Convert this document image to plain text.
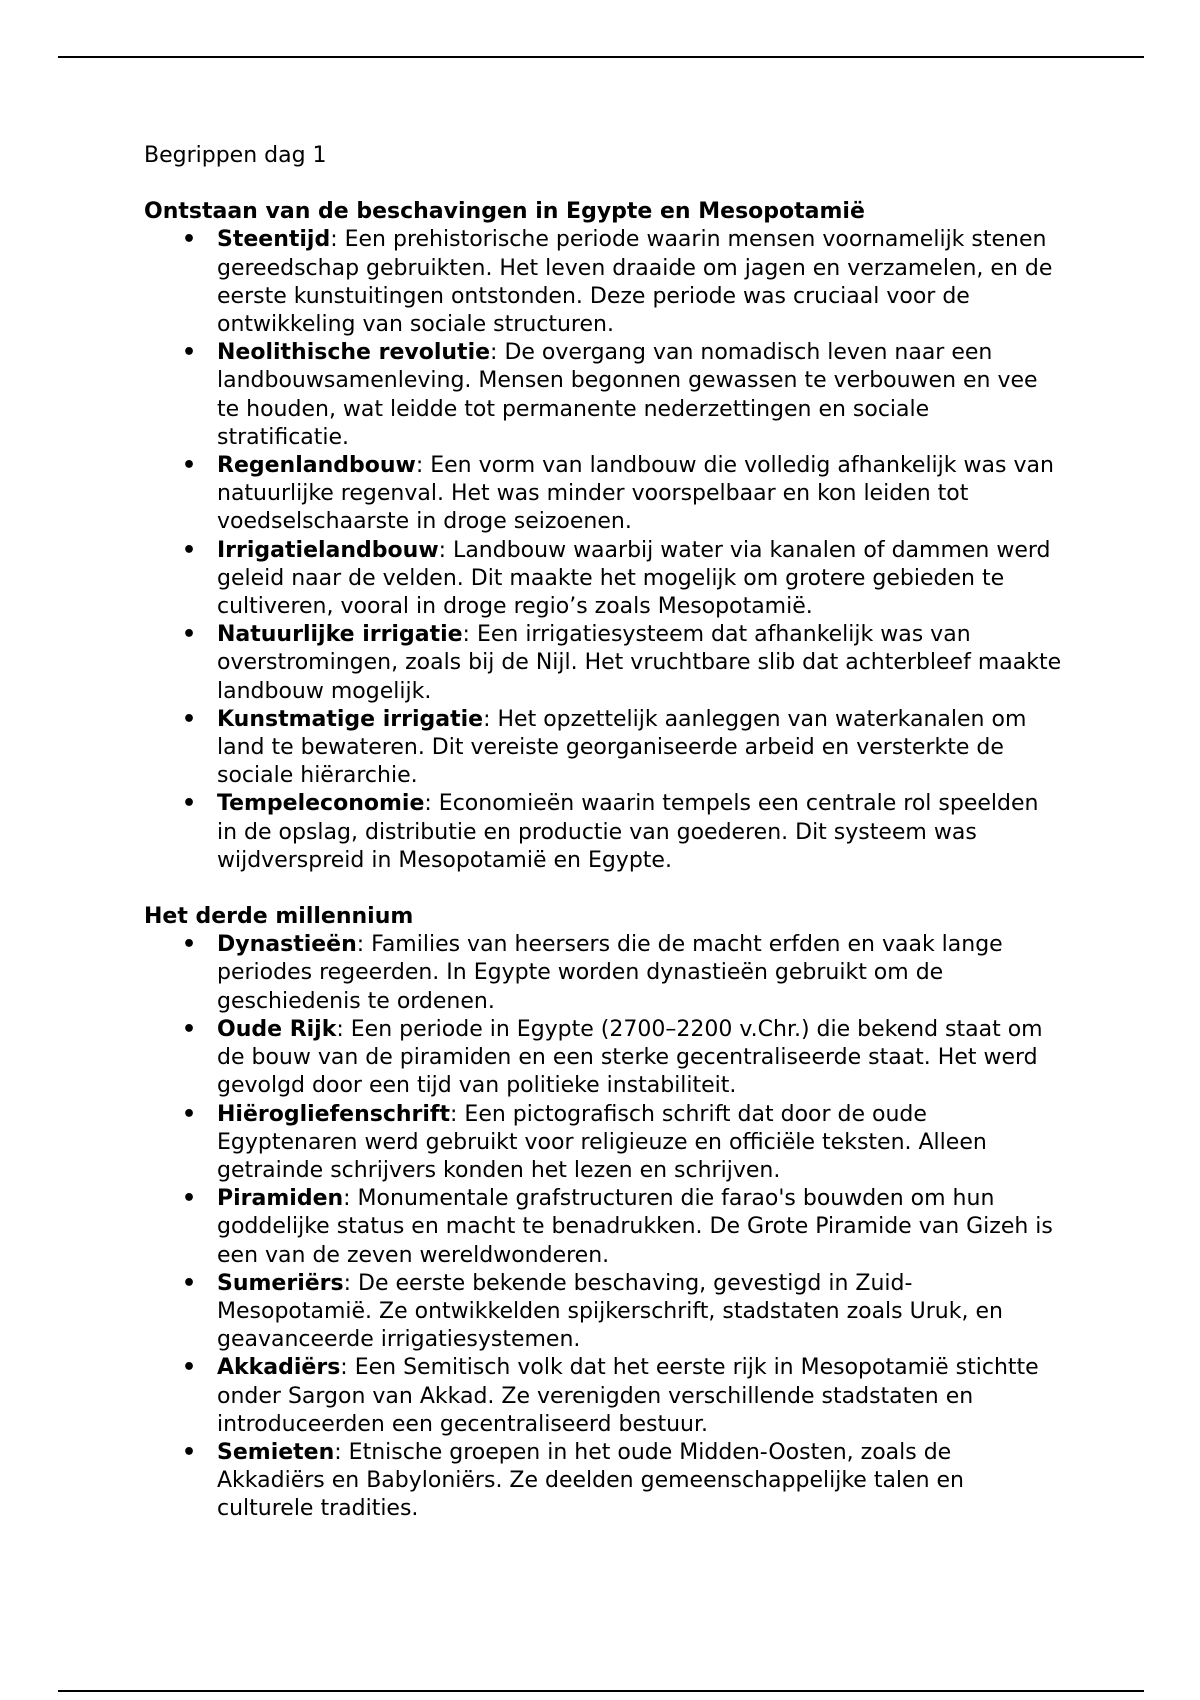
Begrippen dag 1

Ontstaan van de beschavingen in Egypte en Mesopotamië

• Steentijd: Een prehistorische periode waarin mensen voornamelijk stenen gereedschap gebruikten. Het leven draaide om jagen en verzamelen, en de eerste kunstuitingen ontstonden. Deze periode was cruciaal voor de ontwikkeling van sociale structuren.
• Neolithische revolutie: De overgang van nomadisch leven naar een landbouwsamenleving. Mensen begonnen gewassen te verbouwen en vee te houden, wat leidde tot permanente nederzettingen en sociale stratificatie.
• Regenlandbouw: Een vorm van landbouw die volledig afhankelijk was van natuurlijke regenval. Het was minder voorspelbaar en kon leiden tot voedselschaarste in droge seizoenen.
• Irrigatielandbouw: Landbouw waarbij water via kanalen of dammen werd geleid naar de velden. Dit maakte het mogelijk om grotere gebieden te cultiveren, vooral in droge regio’s zoals Mesopotamië.
• Natuurlijke irrigatie: Een irrigatiesysteem dat afhankelijk was van overstromingen, zoals bij de Nijl. Het vruchtbare slib dat achterbleef maakte landbouw mogelijk.
• Kunstmatige irrigatie: Het opzettelijk aanleggen van waterkanalen om land te bewateren. Dit vereiste georganiseerde arbeid en versterkte de sociale hiërarchie.
• Tempeleconomie: Economieën waarin tempels een centrale rol speelden in de opslag, distributie en productie van goederen. Dit systeem was wijdverspreid in Mesopotamië en Egypte.

Het derde millennium

• Dynastieën: Families van heersers die de macht erfden en vaak lange periodes regeerden. In Egypte worden dynastieën gebruikt om de geschiedenis te ordenen.
• Oude Rijk: Een periode in Egypte (2700–2200 v.Chr.) die bekend staat om de bouw van de piramiden en een sterke gecentraliseerde staat. Het werd gevolgd door een tijd van politieke instabiliteit.
• Hiërogliefenschrift: Een pictografisch schrift dat door de oude Egyptenaren werd gebruikt voor religieuze en officiële teksten. Alleen getrainde schrijvers konden het lezen en schrijven.
• Piramiden: Monumentale grafstructuren die farao's bouwden om hun goddelijke status en macht te benadrukken. De Grote Piramide van Gizeh is een van de zeven wereldwonderen.
• Sumeriërs: De eerste bekende beschaving, gevestigd in Zuid-Mesopotamië. Ze ontwikkelden spijkerschrift, stadstaten zoals Uruk, en geavanceerde irrigatiesystemen.
• Akkadiërs: Een Semitisch volk dat het eerste rijk in Mesopotamië stichtte onder Sargon van Akkad. Ze verenigden verschillende stadstaten en introduceerden een gecentraliseerd bestuur.
• Semieten: Etnische groepen in het oude Midden-Oosten, zoals de Akkadiërs en Babyloniërs. Ze deelden gemeenschappelijke talen en culturele tradities.
